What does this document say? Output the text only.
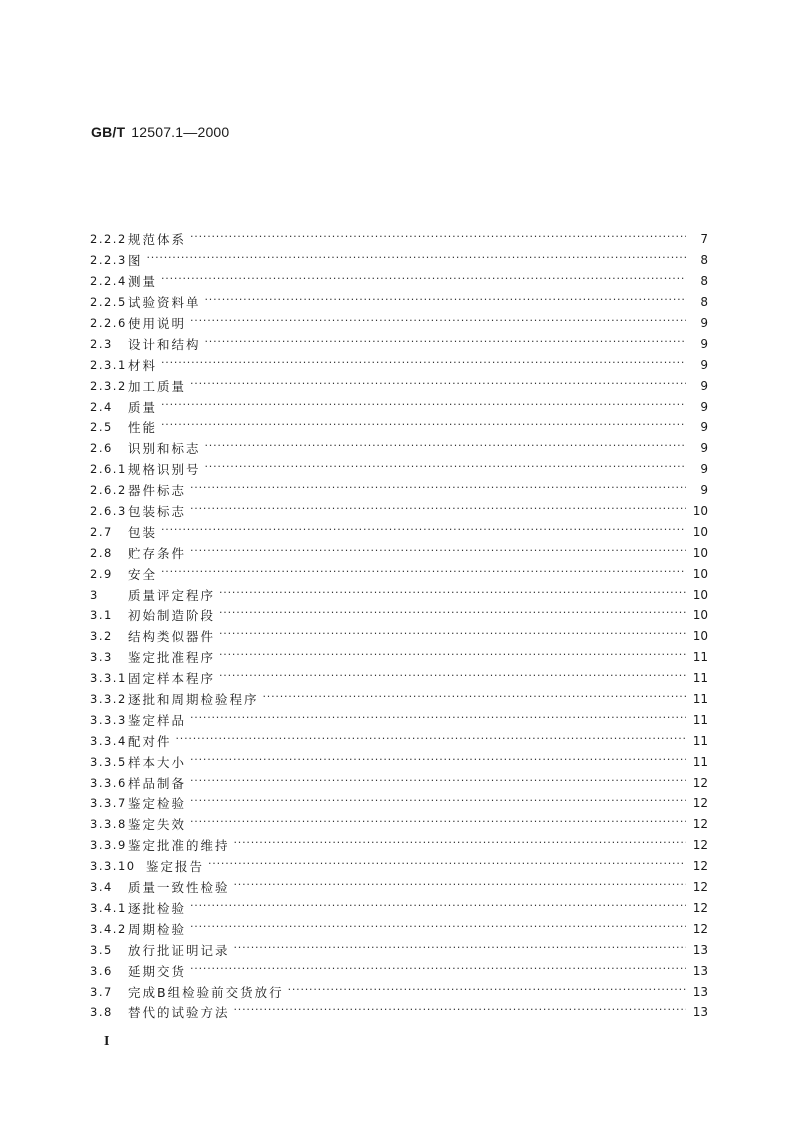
GB/T 12507.1—2000
2.2.2 规范体系 ·····	7
2.2.3 图 ·····	8
2.2.4 测量 ·····	8
2.2.5 试验资料单 ·····	8
2.2.6 使用说明 ·····	9
2.3	设计和结构 ·····	9
2.3.1 材料 ·····	9
2.3.2 加工质量 ·····	9
2.4	质量 ·····	9
2.5	性能 ·····	9
2.6	识别和标志 ·····	9
2.6.1 规格识别号 ·····	9
2.6.2 器件标志 ·····	9
2.6.3 包装标志 ·····	10
2.7	包装 ·····	10
2.8	贮存条件 ·····	10
2.9	安全 ·····	10
3	质量评定程序 ·····	10
3.1	初始制造阶段 ·····	10
3.2	结构类似器件 ·····	10
3.3	鉴定批准程序 ·····	11
3.3.1 固定样本程序 ·····	11
3.3.2 逐批和周期检验程序 ·····	11
3.3.3 鉴定样品 ·····	11
3.3.4 配对件 ·····	11
3.3.5 样本大小 ·····	11
3.3.6 样品制备 ·····	12
3.3.7 鉴定检验 ·····	12
3.3.8 鉴定失效 ·····	12
3.3.9 鉴定批准的维持 ·····	12
3.3.10 鉴定报告 ·····	12
3.4	质量一致性检验 ·····	12
3.4.1 逐批检验 ·····	12
3.4.2 周期检验 ·····	12
3.5	放行批证明记录 ·····	13
3.6	延期交货 ·····	13
3.7	完成B组检验前交货放行 ·····	13
3.8	替代的试验方法 ·····	13
I
